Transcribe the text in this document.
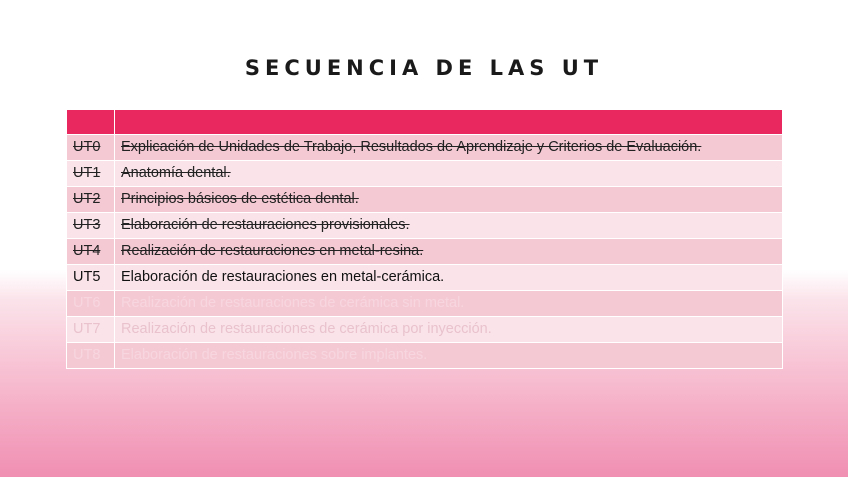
SECUENCIA DE LAS UT

UT0	Explicación de Unidades de Trabajo, Resultados de Aprendizaje y Criterios de Evaluación.
UT1	Anatomía dental.
UT2	Principios básicos de estética dental.
UT3	Elaboración de restauraciones provisionales.
UT4	Realización de restauraciones en metal-resina.
UT5	Elaboración de restauraciones en metal-cerámica.
UT6	Realización de restauraciones de cerámica sin metal.
UT7	Realización de restauraciones de cerámica por inyección.
UT8	Elaboración de restauraciones sobre implantes.
